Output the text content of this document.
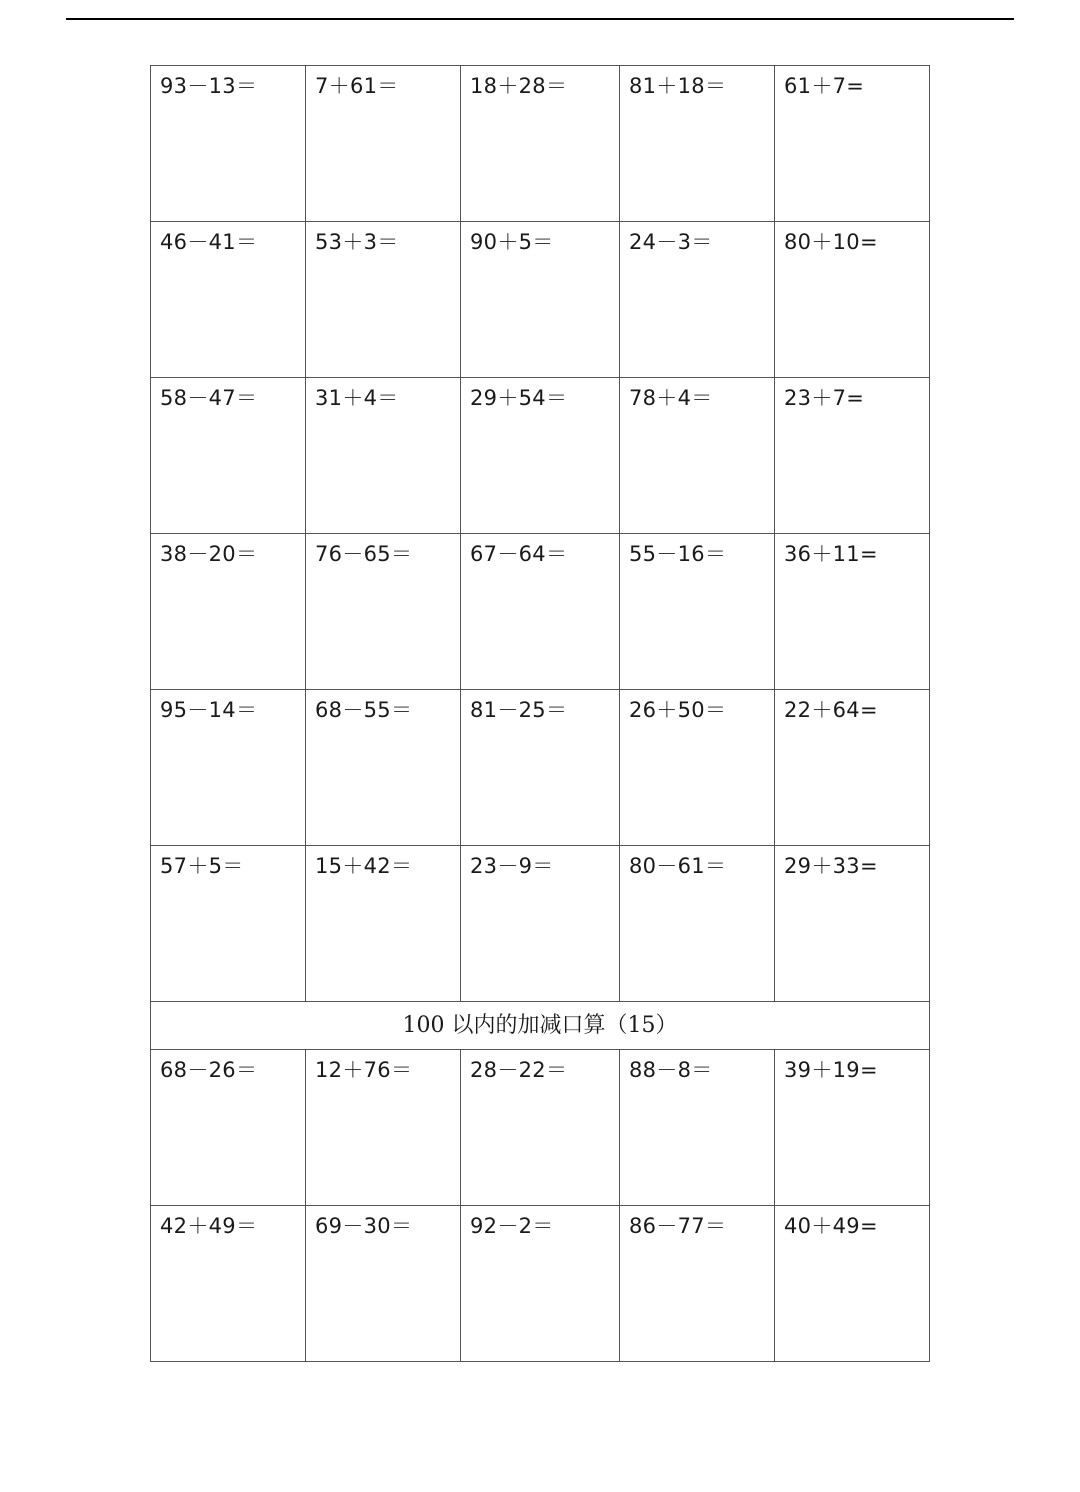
93－13＝	7＋61＝	18＋28＝	81＋18＝	61＋7=

46－41＝	53＋3＝	90＋5＝	24－3＝	80＋10=

58－47＝	31＋4＝	29＋54＝	78＋4＝	23＋7=

38－20＝	76－65＝	67－64＝	55－16＝	36＋11=

95－14＝	68－55＝	81－25＝	26＋50＝	22＋64=

57＋5＝	15＋42＝	23－9＝	80－61＝	29＋33=

100 以内的加减口算（15）				

68－26＝	12＋76＝	28－22＝	88－8＝	39＋19=

42＋49＝	69－30＝	92－2＝	86－77＝	40＋49=
